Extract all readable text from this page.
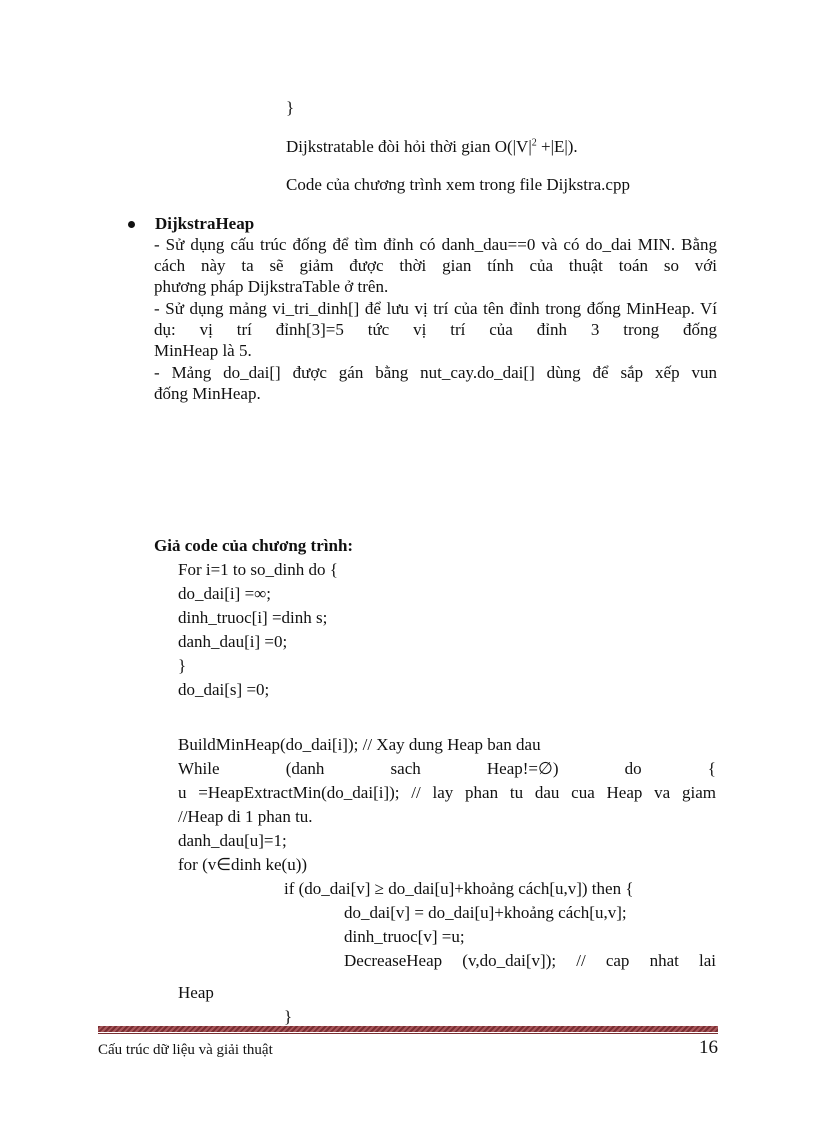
}
Dijkstratable đòi hỏi thời gian $O(|V|^2 +|E|)$.
Code của chương trình xem trong file Dijkstra.cpp
DijkstraHeap
- Sử dụng cấu trúc đống để tìm đỉnh có danh_dau==0 và có do_dai MIN. Bằng cách này ta sẽ giảm được thời gian tính của thuật toán so với
phương pháp DijkstraTable ở trên.
- Sử dụng mảng vi_tri_dinh[] để lưu vị trí của tên đỉnh trong đống MinHeap. Ví dụ: vị trí đỉnh[3]=5 tức vị trí của đỉnh 3 trong đống
MinHeap là 5.
- Mảng do_dai[] được gán bằng nut_cay.do_dai[] dùng để sắp xếp vun
đống MinHeap.
Giả code của chương trình:
For i=1 to so_dinh do {
do_dai[i] =∞;
dinh_truoc[i] =dinh s;
danh_dau[i] =0;
}
do_dai[s] =0;
BuildMinHeap(do_dai[i]); // Xay dung Heap ban dau
While	(danh	sach	Heap!=∅)	do	{
u =HeapExtractMin(do_dai[i]); // lay phan tu dau cua Heap va giam
//Heap di 1 phan tu.
danh_dau[u]=1;
for (v∈dinh ke(u))
if (do_dai[v] ≥ do_dai[u]+khoảng cách[u,v]) then {
do_dai[v] = do_dai[u]+khoảng cách[u,v];
dinh_truoc[v] =u;
DecreaseHeap (v,do_dai[v]); // cap nhat lai
Heap
}
Cấu trúc dữ liệu và giải thuật	16
